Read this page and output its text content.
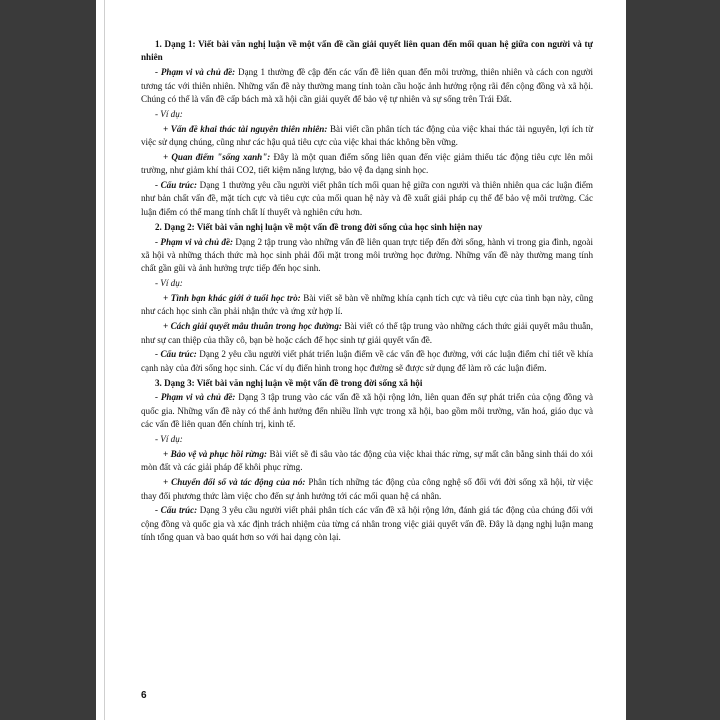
1. Dạng 1: Viết bài văn nghị luận về một vấn đề cần giải quyết liên quan đến mối quan hệ giữa con người và tự nhiên

- Phạm vi và chủ đề: Dạng 1 thường đề cập đến các vấn đề liên quan đến môi trường, thiên nhiên và cách con người tương tác với thiên nhiên. Những vấn đề này thường mang tính toàn cầu hoặc ảnh hưởng rộng rãi đến cộng đồng và xã hội. Chúng có thể là vấn đề cấp bách mà xã hội cần giải quyết để bảo vệ tự nhiên và sự sống trên Trái Đất.

- Ví dụ:

+ Vấn đề khai thác tài nguyên thiên nhiên: Bài viết cần phân tích tác động của việc khai thác tài nguyên, lợi ích từ việc sử dụng chúng, cũng như các hậu quả tiêu cực của việc khai thác không bền vững.

+ Quan điểm "sống xanh": Đây là một quan điểm sống liên quan đến việc giảm thiểu tác động tiêu cực lên môi trường, như giảm khí thải CO2, tiết kiệm năng lượng, bảo vệ đa dạng sinh học.

- Cấu trúc: Dạng 1 thường yêu cầu người viết phân tích mối quan hệ giữa con người và thiên nhiên qua các luận điểm như bản chất vấn đề, mặt tích cực và tiêu cực của mối quan hệ này và đề xuất giải pháp cụ thể để bảo vệ môi trường. Các luận điểm có thể mang tính chất lí thuyết và nghiên cứu hơn.

2. Dạng 2: Viết bài văn nghị luận về một vấn đề trong đời sống của học sinh hiện nay

- Phạm vi và chủ đề: Dạng 2 tập trung vào những vấn đề liên quan trực tiếp đến đời sống, hành vi trong gia đình, ngoài xã hội và những thách thức mà học sinh phải đối mặt trong môi trường học đường. Những vấn đề này thường mang tính chất gần gũi và ảnh hưởng trực tiếp đến học sinh.

- Ví dụ:

+ Tình bạn khác giới ở tuổi học trò: Bài viết sẽ bàn về những khía cạnh tích cực và tiêu cực của tình bạn này, cũng như cách học sinh cần phải nhận thức và ứng xử hợp lí.

+ Cách giải quyết mâu thuẫn trong học đường: Bài viết có thể tập trung vào những cách thức giải quyết mâu thuẫn, như sự can thiệp của thầy cô, bạn bè hoặc cách để học sinh tự giải quyết vấn đề.

- Cấu trúc: Dạng 2 yêu cầu người viết phát triển luận điểm về các vấn đề học đường, với các luận điểm chỉ tiết về khía cạnh này của đời sống học sinh. Các ví dụ điển hình trong học đường sẽ được sử dụng để làm rõ các luận điểm.

3. Dạng 3: Viết bài văn nghị luận về một vấn đề trong đời sống xã hội

- Phạm vi và chủ đề: Dạng 3 tập trung vào các vấn đề xã hội rộng lớn, liên quan đến sự phát triển của cộng đồng và quốc gia. Những vấn đề này có thể ảnh hưởng đến nhiều lĩnh vực trong xã hội, bao gồm môi trường, văn hoá, giáo dục và các vấn đề liên quan đến chính trị, kinh tế.

- Ví dụ:

+ Bảo vệ và phục hồi rừng: Bài viết sẽ đi sâu vào tác động của việc khai thác rừng, sự mất cân bằng sinh thái do xói mòn đất và các giải pháp để khôi phục rừng.

+ Chuyển đổi số và tác động của nó: Phân tích những tác động của công nghệ số đối với đời sống xã hội, từ việc thay đổi phương thức làm việc cho đến sự ảnh hưởng tới các mối quan hệ cá nhân.

- Cấu trúc: Dạng 3 yêu cầu người viết phải phân tích các vấn đề xã hội rộng lớn, đánh giá tác động của chúng đối với cộng đồng và quốc gia và xác định trách nhiệm của từng cá nhân trong việc giải quyết vấn đề. Đây là dạng nghị luận mang tính tổng quan và bao quát hơn so với hai dạng còn lại.

6
